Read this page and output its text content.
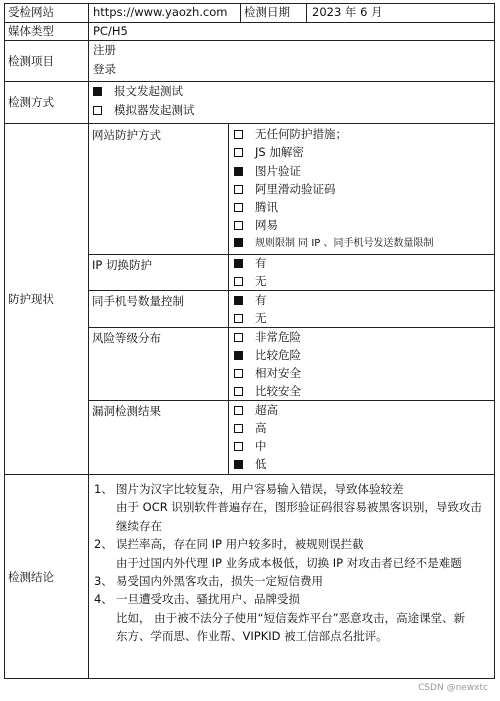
受检网站	https://www.yaozh.com 检测日期 2023 年 6 月
媒体类型	PC/H5
检测项目
注册
登录
检测方式
报文发起测试
模拟器发起测试
防护现状
网站防护方式
IP 切换防护
同手机号数量控制
风险等级分布
漏洞检测结果
无任何防护措施；
JS 加解密
图片验证
阿里滑动验证码
腾讯
网易
规则限制 同 IP 、同手机号发送数量限制
有
无
有
无
非常危险
比较危险
相对安全
比较安全
超高
高
中
低
检测结论
1、 图片为汉字比较复杂，用户容易输入错误，导致体验较差
由于 OCR 识别软件普遍存在，图形验证码很容易被黑客识别，导致攻击
继续存在
2、 误拦率高，存在同 IP 用户较多时，被规则误拦截
由于过国内外代理 IP 业务成本极低，切换 IP 对攻击者已经不是难题
3、 易受国内外黑客攻击，损失一定短信费用
4、 一旦遭受攻击、骚扰用户、品牌受损
比如， 由于被不法分子使用“短信轰炸平台”恶意攻击，高途课堂、新
东方、学而思、作业帮、VIPKID 被工信部点名批评。
CSDN @newxtc
